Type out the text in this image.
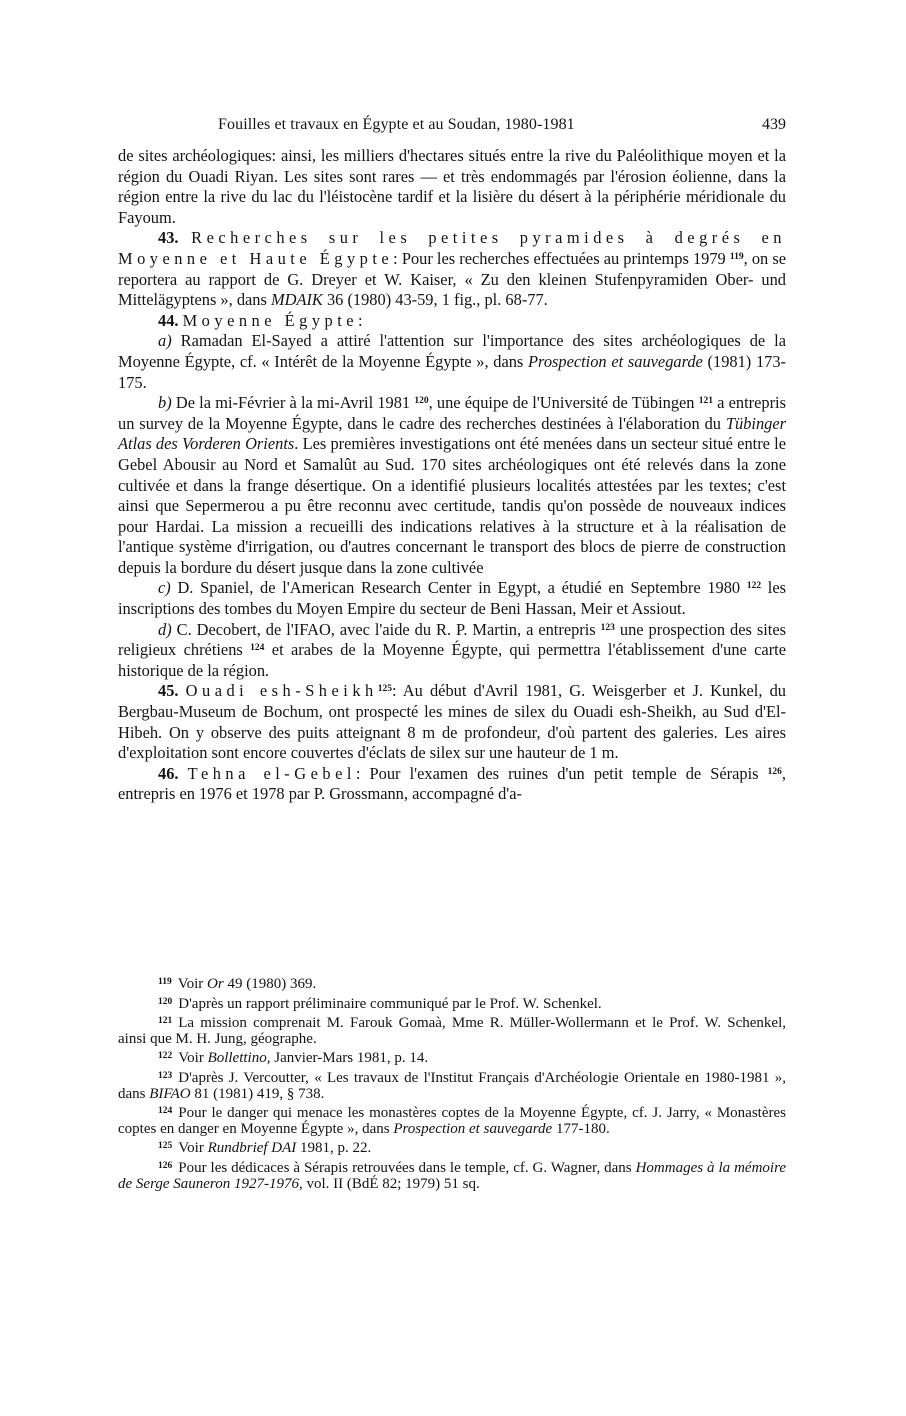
Fouilles et travaux en Égypte et au Soudan, 1980-1981	439

de sites archéologiques: ainsi, les milliers d'hectares situés entre la rive du Paléolithique moyen et la région du Ouadi Riyan. Les sites sont rares — et très endommagés par l'érosion éolienne, dans la région entre la rive du lac du l'léistocène tardif et la lisière du désert à la périphérie méridionale du Fayoum.

43. Recherches sur les petites pyramides à degrés en Moyenne et Haute Égypte: Pour les recherches effectuées au printemps 1979 $^{119}$, on se reportera au rapport de G. Dreyer et W. Kaiser, « Zu den kleinen Stufenpyramiden Ober- und Mittelägyptens », dans MDAIK 36 (1980) 43-59, 1 fig., pl. 68-77.

44. Moyenne Égypte:

a) Ramadan El-Sayed a attiré l'attention sur l'importance des sites archéologiques de la Moyenne Égypte, cf. « Intérêt de la Moyenne Égypte », dans Prospection et sauvegarde (1981) 173-175.

b) De la mi-Février à la mi-Avril 1981 $^{120}$, une équipe de l'Université de Tübingen $^{121}$ a entrepris un survey de la Moyenne Égypte, dans le cadre des recherches destinées à l'élaboration du Tübinger Atlas des Vorderen Orients. Les premières investigations ont été menées dans un secteur situé entre le Gebel Abousir au Nord et Samalût au Sud. 170 sites archéologiques ont été relevés dans la zone cultivée et dans la frange désertique. On a identifié plusieurs localités attestées par les textes; c'est ainsi que Sepermerou a pu être reconnu avec certitude, tandis qu'on possède de nouveaux indices pour Hardai. La mission a recueilli des indications relatives à la structure et à la réalisation de l'antique système d'irrigation, ou d'autres concernant le transport des blocs de pierre de construction depuis la bordure du désert jusque dans la zone cultivée

c) D. Spaniel, de l'American Research Center in Egypt, a étudié en Septembre 1980 $^{122}$ les inscriptions des tombes du Moyen Empire du secteur de Beni Hassan, Meir et Assiout.

d) C. Decobert, de l'IFAO, avec l'aide du R. P. Martin, a entrepris $^{123}$ une prospection des sites religieux chrétiens $^{124}$ et arabes de la Moyenne Égypte, qui permettra l'établissement d'une carte historique de la région.

45. Ouadi esh-Sheikh$^{125}$: Au début d'Avril 1981, G. Weisgerber et J. Kunkel, du Bergbau-Museum de Bochum, ont prospecté les mines de silex du Ouadi esh-Sheikh, au Sud d'El-Hibeh. On y observe des puits atteignant 8 m de profondeur, d'où partent des galeries. Les aires d'exploitation sont encore couvertes d'éclats de silex sur une hauteur de 1 m.

46. Tehna el-Gebel: Pour l'examen des ruines d'un petit temple de Sérapis $^{126}$, entrepris en 1976 et 1978 par P. Grossmann, accompagné d'a-

$^{119}$ Voir Or 49 (1980) 369.

$^{120}$ D'après un rapport préliminaire communiqué par le Prof. W. Schenkel.

$^{121}$ La mission comprenait M. Farouk Gomaà, Mme R. Müller-Wollermann et le Prof. W. Schenkel, ainsi que M. H. Jung, géographe.

$^{122}$ Voir Bollettino, Janvier-Mars 1981, p. 14.

$^{123}$ D'après J. Vercoutter, « Les travaux de l'Institut Français d'Archéologie Orientale en 1980-1981 », dans BIFAO 81 (1981) 419, § 738.

$^{124}$ Pour le danger qui menace les monastères coptes de la Moyenne Égypte, cf. J. Jarry, « Monastères coptes en danger en Moyenne Égypte », dans Prospection et sauvegarde 177-180.

$^{125}$ Voir Rundbrief DAI 1981, p. 22.

$^{126}$ Pour les dédicaces à Sérapis retrouvées dans le temple, cf. G. Wagner, dans Hommages à la mémoire de Serge Sauneron 1927-1976, vol. II (BdÉ 82; 1979) 51 sq.
